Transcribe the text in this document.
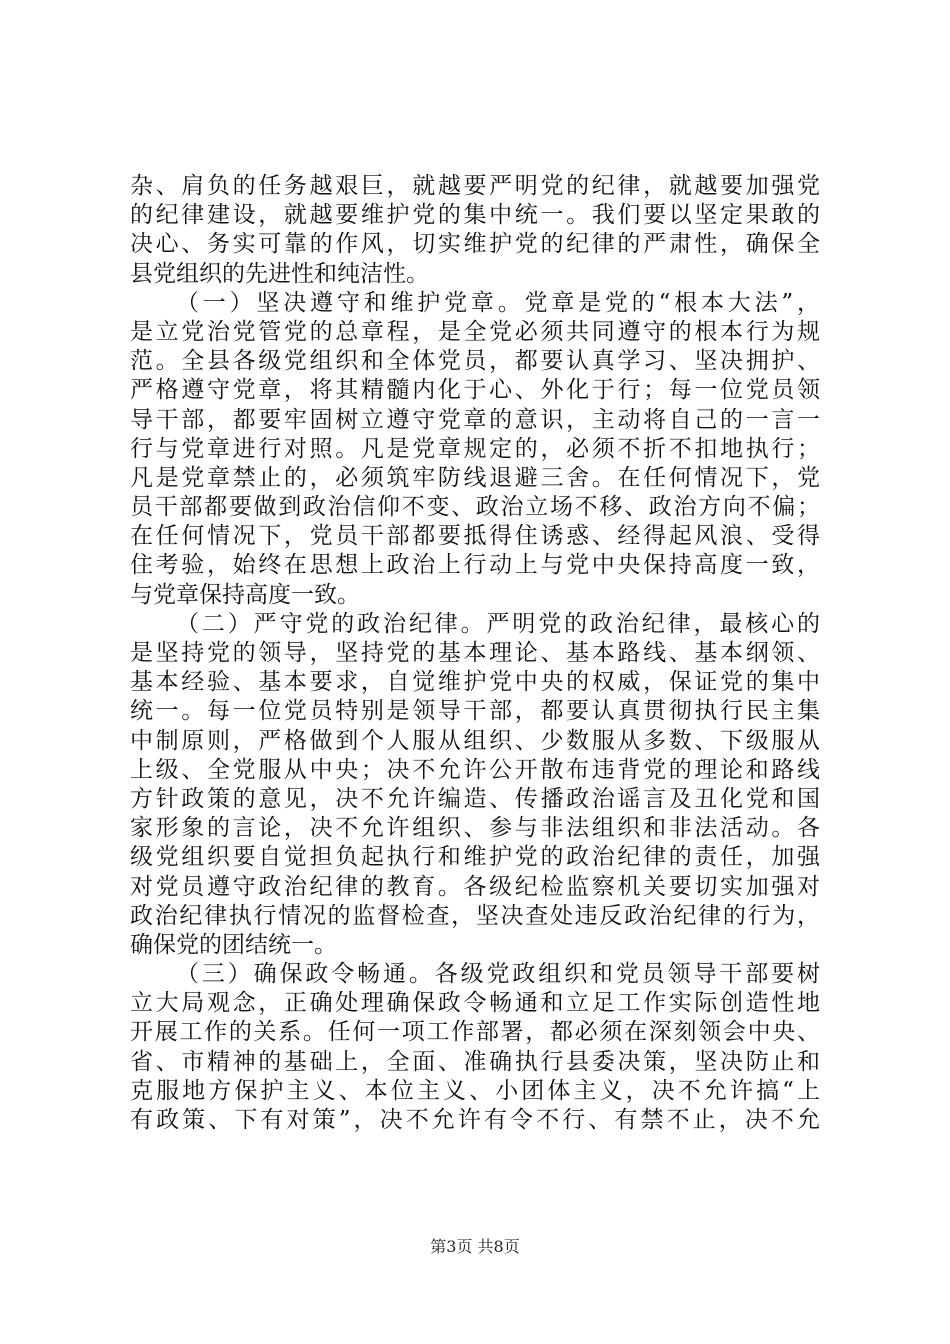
杂、肩负的任务越艰巨，就越要严明党的纪律，就越要加强党
的纪律建设，就越要维护党的集中统一。我们要以坚定果敢的
决心、务实可靠的作风，切实维护党的纪律的严肃性，确保全
县党组织的先进性和纯洁性。
（一）坚决遵守和维护党章。党章是党的“根本大法”，
是立党治党管党的总章程，是全党必须共同遵守的根本行为规
范。全县各级党组织和全体党员，都要认真学习、坚决拥护、
严格遵守党章，将其精髓内化于心、外化于行；每一位党员领
导干部，都要牢固树立遵守党章的意识，主动将自己的一言一
行与党章进行对照。凡是党章规定的，必须不折不扣地执行；
凡是党章禁止的，必须筑牢防线退避三舍。在任何情况下，党
员干部都要做到政治信仰不变、政治立场不移、政治方向不偏；
在任何情况下，党员干部都要抵得住诱惑、经得起风浪、受得
住考验，始终在思想上政治上行动上与党中央保持高度一致，
与党章保持高度一致。
（二）严守党的政治纪律。严明党的政治纪律，最核心的
是坚持党的领导，坚持党的基本理论、基本路线、基本纲领、
基本经验、基本要求，自觉维护党中央的权威，保证党的集中
统一。每一位党员特别是领导干部，都要认真贯彻执行民主集
中制原则，严格做到个人服从组织、少数服从多数、下级服从
上级、全党服从中央；决不允许公开散布违背党的理论和路线
方针政策的意见，决不允许编造、传播政治谣言及丑化党和国
家形象的言论，决不允许组织、参与非法组织和非法活动。各
级党组织要自觉担负起执行和维护党的政治纪律的责任，加强
对党员遵守政治纪律的教育。各级纪检监察机关要切实加强对
政治纪律执行情况的监督检查，坚决查处违反政治纪律的行为，
确保党的团结统一。
（三）确保政令畅通。各级党政组织和党员领导干部要树
立大局观念，正确处理确保政令畅通和立足工作实际创造性地
开展工作的关系。任何一项工作部署，都必须在深刻领会中央、
省、市精神的基础上，全面、准确执行县委决策，坚决防止和
克服地方保护主义、本位主义、小团体主义，决不允许搞“上
有政策、下有对策”，决不允许有令不行、有禁不止，决不允
第3页 共8页
